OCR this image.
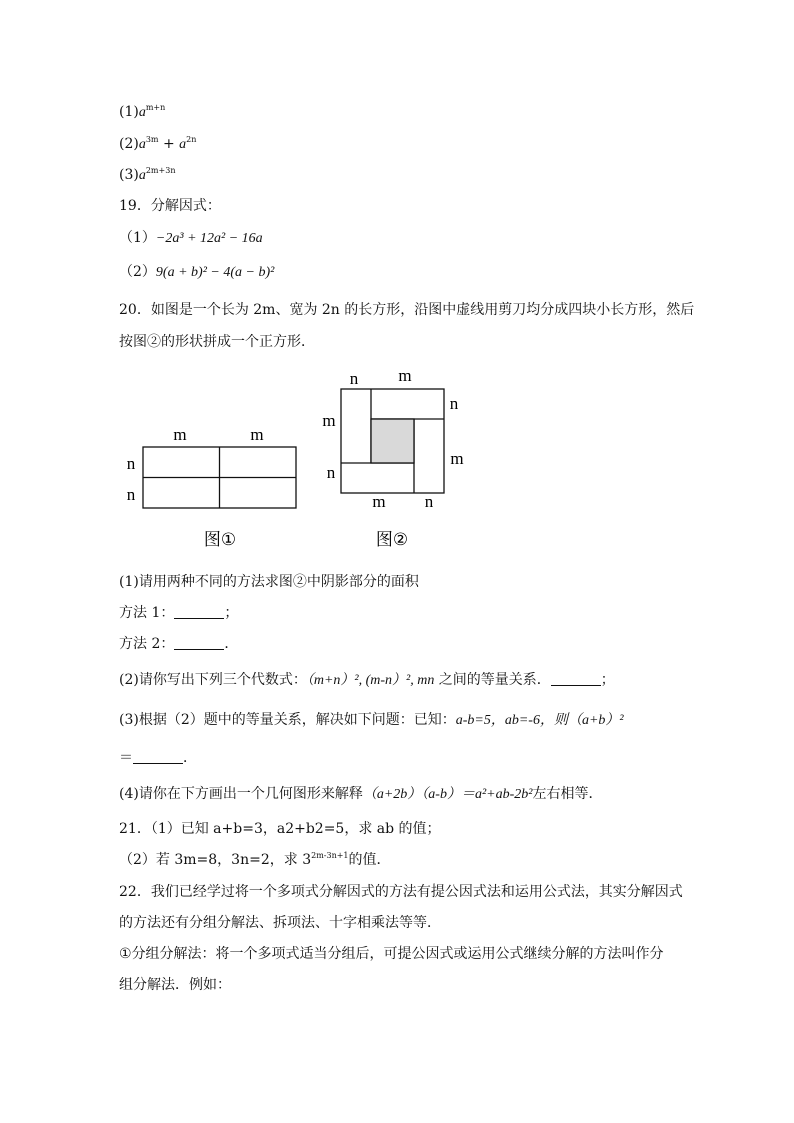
$(1)a^{m+n}$
$(2)a^{3m} + a^{2n}$
$(3)a^{2m+3n}$
19．分解因式：
（1）−2a³ + 12a² − 16a
（2）9(a + b)² − 4(a − b)²
20．如图是一个长为 2m、宽为 2n 的长方形，沿图中虚线用剪刀均分成四块小长方形，然后
按图②的形状拼成一个正方形．
m	m
n
n
图①
n m
n
m
m
n
m n
图②
(1)请用两种不同的方法求图②中阴影部分的面积
方法 1：	；
方法 2：	．
(2)请你写出下列三个代数式：（m+n）², (m-n）², mn 之间的等量关系．	；
(3)根据（2）题中的等量关系，解决如下问题：已知：a-b=5，ab=-6，则（a+b）²
＝	．
(4)请你在下方画出一个几何图形来解释（a+2b）（a-b）＝a²+ab-2b²左右相等．
21．（1）已知 a+b=3，a2+b2=5，求 ab 的值；
（2）若 3m=8，3n=2，求 $3^{2m-3n+1}$的值．
22．我们已经学过将一个多项式分解因式的方法有提公因式法和运用公式法，其实分解因式
的方法还有分组分解法、拆项法、十字相乘法等等．
①分组分解法：将一个多项式适当分组后，可提公因式或运用公式继续分解的方法叫作分
组分解法．例如：
